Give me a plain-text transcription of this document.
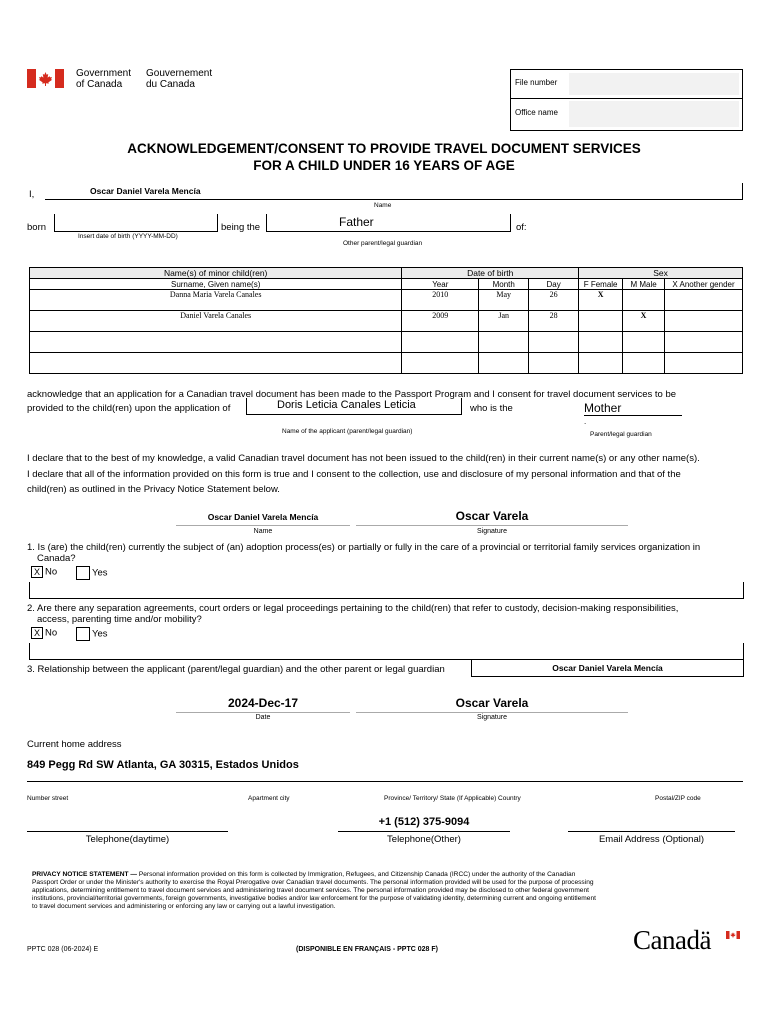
Government
of Canada
Gouvernement
du Canada	File number
Office name
ACKNOWLEDGEMENT/CONSENT TO PROVIDE TRAVEL DOCUMENT SERVICES
FOR A CHILD UNDER 16 YEARS OF AGE
I,	Oscar Daniel Varela Mencía
Name
born
Insert date of birth (YYYY-MM-DD)
being the	Father
Other parent/legal guardian
of:
Name(s) of minor child(ren)	Date of birth			Sex		
Surname, Given name(s)	Year	Month	Day	F Female	M Male	X Another gender
Danna Maria Varela Canales	2010	May	26	X		
Daniel Varela Canales	2009	Jan	28		X	

acknowledge that an application for a Canadian travel document has been made to the Passport Program and I consent for travel document services to be
provided to the child(ren) upon the application of	Doris Leticia Canales Leticia	who is the	Mother
.
Name of the applicant (parent/legal guardian)	Parent/legal guardian
I declare that to the best of my knowledge, a valid Canadian travel document has not been issued to the child(ren) in their current name(s) or any other name(s).
I declare that all of the information provided on this form is true and I consent to the collection, use and disclosure of my personal information and that of the
child(ren) as outlined in the Privacy Notice Statement below.
Oscar Daniel Varela Mencía
Name
Oscar Varela
Signature
1. Is (are) the child(ren) currently the subject of (an) adoption process(es) or partially or fully in the care of a provincial or territorial family services organization in
Canada?
X No	Yes
2. Are there any separation agreements, court orders or legal proceedings pertaining to the child(ren) that refer to custody, decision-making responsibilities,
access, parenting time and/or mobility?
X No	Yes
3. Relationship between the applicant (parent/legal guardian) and the other parent or legal guardian	Oscar Daniel Varela Mencía
2024-Dec-17
Date
Oscar Varela
Signature
Current home address
849 Pegg Rd SW Atlanta, GA 30315, Estados Unidos
Number street	Apartment city	Province/ Territory/ State (If Applicable) Country	Postal/ZIP code
Telephone(daytime)
+1 (512) 375-9094
Telephone(Other)	Email Address (Optional)
PRIVACY NOTICE STATEMENT — Personal information provided on this form is collected by Immigration, Refugees, and Citizenship Canada (IRCC) under the authority of the Canadian
Passport Order or under the Minister's authority to exercise the Royal Prerogative over Canadian travel documents. The personal information provided will be used for the purpose of processing
applications, determining entitlement to travel document services and administering travel document services. The personal information provided may be disclosed to other federal government
institutions, provincial/territorial governments, foreign governments, investigative bodies and/or law enforcement for the purpose of validating identity, determining current and ongoing entitlement
to travel document services and administering or enforcing any law or carrying out a lawful investigation.
PPTC 028 (06-2024) E	(DISPONIBLE EN FRANÇAIS - PPTC 028 F)	Canadä
